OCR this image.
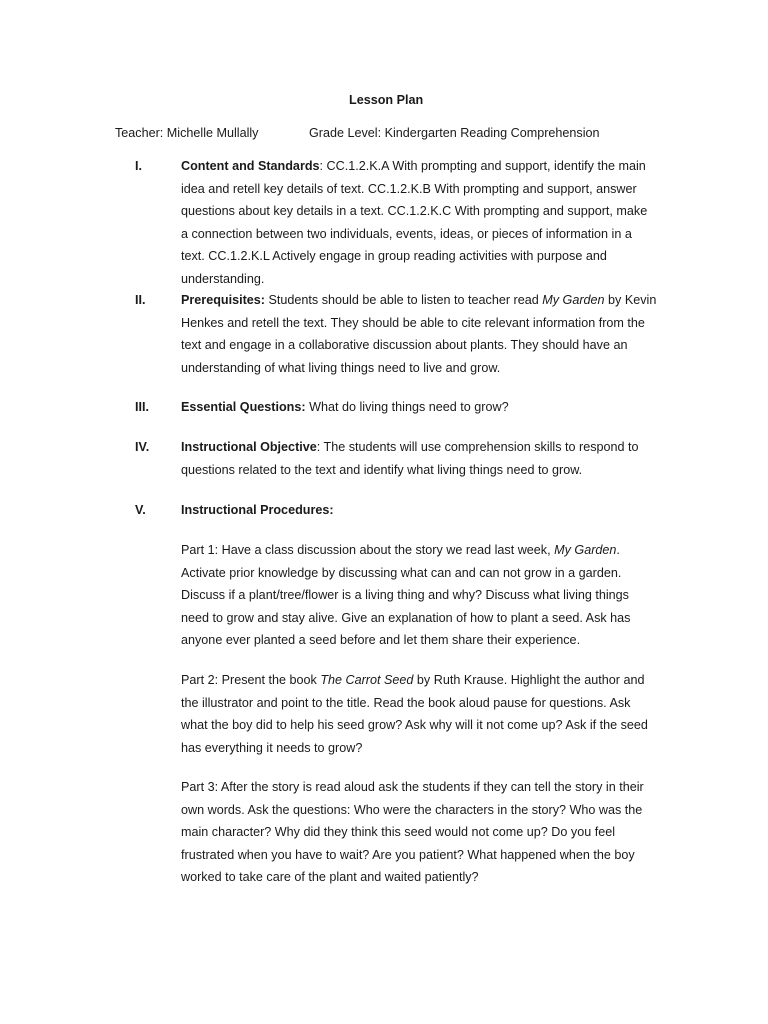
Lesson Plan
Teacher: Michelle Mullally	Grade Level: Kindergarten Reading Comprehension
I.	Content and Standards: CC.1.2.K.A With prompting and support, identify the main
idea and retell key details of text. CC.1.2.K.B With prompting and support, answer
questions about key details in a text. CC.1.2.K.C With prompting and support, make
a connection between two individuals, events, ideas, or pieces of information in a
text. CC.1.2.K.L Actively engage in group reading activities with purpose and
understanding.
II.	Prerequisites: Students should be able to listen to teacher read My Garden by Kevin
Henkes and retell the text. They should be able to cite relevant information from the
text and engage in a collaborative discussion about plants. They should have an
understanding of what living things need to live and grow.
III.	Essential Questions: What do living things need to grow?
IV.	Instructional Objective: The students will use comprehension skills to respond to
questions related to the text and identify what living things need to grow.
V.	Instructional Procedures:
Part 1: Have a class discussion about the story we read last week, My Garden.
Activate prior knowledge by discussing what can and can not grow in a garden.
Discuss if a plant/tree/flower is a living thing and why? Discuss what living things
need to grow and stay alive. Give an explanation of how to plant a seed. Ask has
anyone ever planted a seed before and let them share their experience.
Part 2: Present the book The Carrot Seed by Ruth Krause. Highlight the author and
the illustrator and point to the title. Read the book aloud pause for questions. Ask
what the boy did to help his seed grow? Ask why will it not come up? Ask if the seed
has everything it needs to grow?
Part 3: After the story is read aloud ask the students if they can tell the story in their
own words. Ask the questions: Who were the characters in the story? Who was the
main character? Why did they think this seed would not come up? Do you feel
frustrated when you have to wait? Are you patient? What happened when the boy
worked to take care of the plant and waited patiently?
